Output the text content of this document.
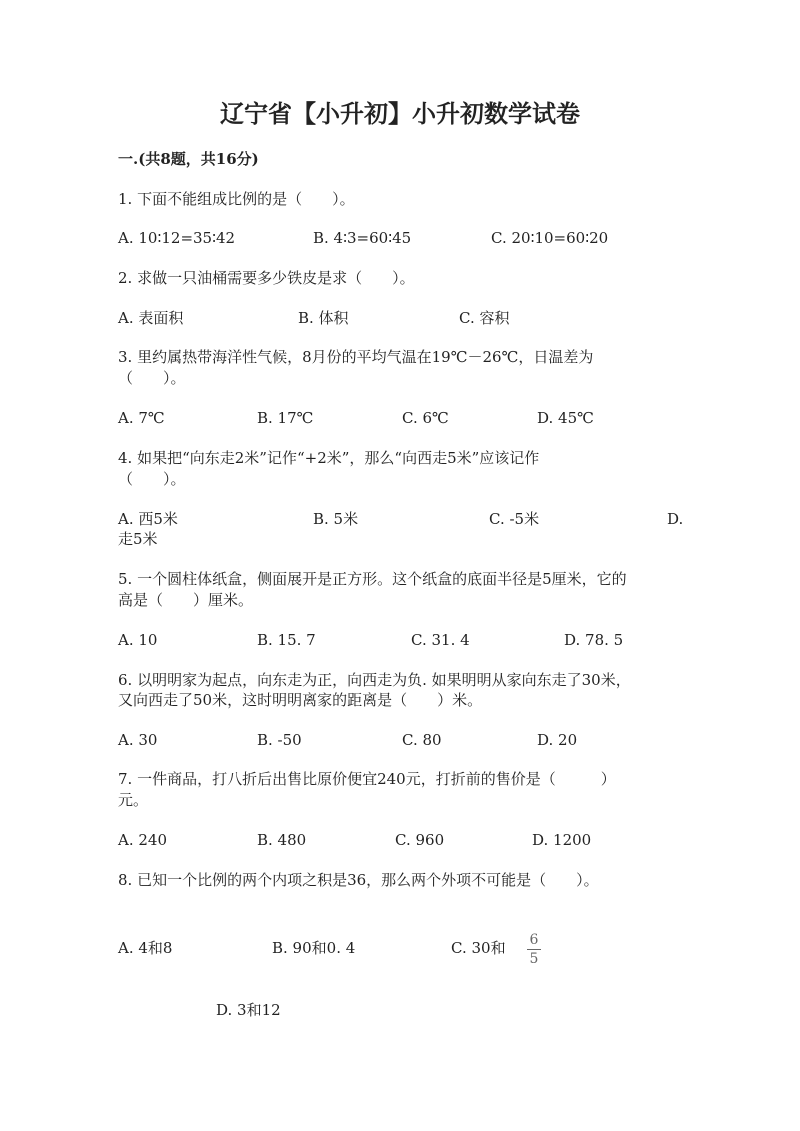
辽宁省【小升初】小升初数学试卷
一.(共8题，共16分)
1. 下面不能组成比例的是（　　）。
A. 10∶12=35∶42	B. 4∶3=60∶45	C. 20∶10=60∶20
2. 求做一只油桶需要多少铁皮是求（　　）。
A. 表面积	B. 体积	C. 容积
3. 里约属热带海洋性气候，8月份的平均气温在19℃－26℃，日温差为
（　　）。
A. 7℃	B. 17℃	C. 6℃	D. 45℃
4. 如果把“向东走2米”记作“+2米”，那么“向西走5米”应该记作
（　　）。
A. 西5米	B. 5米	C. -5米	D.
走5米
5. 一个圆柱体纸盒，侧面展开是正方形。这个纸盒的底面半径是5厘米，它的
高是（　　）厘米。
A. 10	B. 15. 7	C. 31. 4	D. 78. 5
6. 以明明家为起点，向东走为正，向西走为负. 如果明明从家向东走了30米，
又向西走了50米，这时明明离家的距离是（　　）米。
A. 30	B. -50	C. 80	D. 20
7. 一件商品，打八折后出售比原价便宜240元，打折前的售价是（　　　）
元。
A. 240	B. 480	C. 960	D. 1200
8. 已知一个比例的两个内项之积是36，那么两个外项不可能是（　　）。
A. 4和8	B. 90和0. 4	C. 30和 6
5
D. 3和12
